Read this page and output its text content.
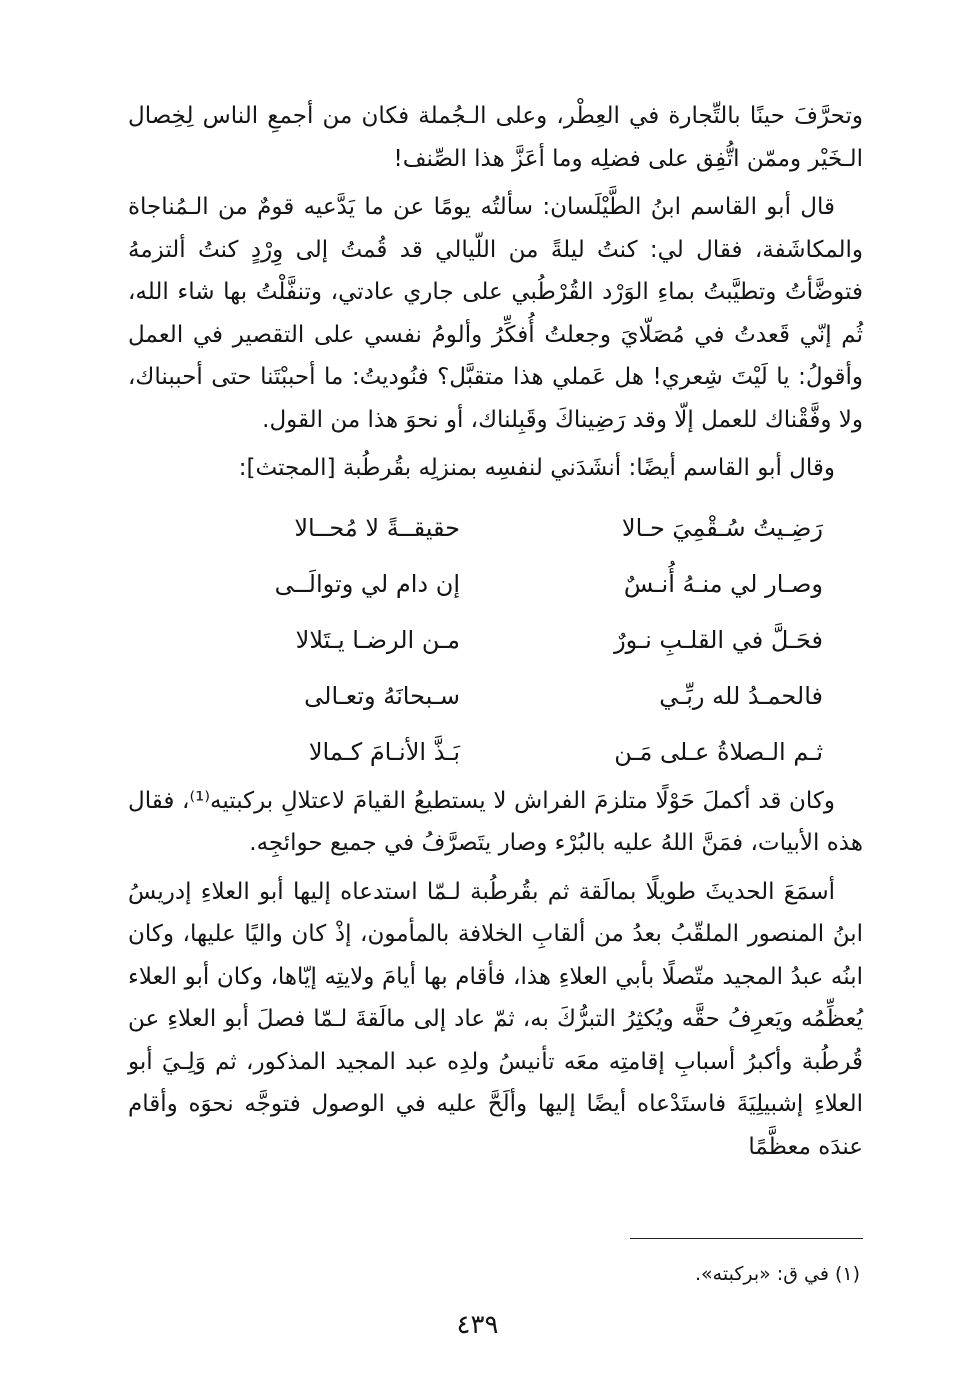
وتحرَّفَ حينًا بالتِّجارة في العِطْر، وعلى الـجُملة فكان من أجمعِ الناس لِخِصال الـخَيْر وممّن اتُّفِق على فضلِه وما أعَزَّ هذا الصِّنف!

قال أبو القاسم ابنُ الطَّيْلَسان: سألتُه يومًا عن ما يَدَّعيه قومٌ من الـمُناجاة والمكاشَفة، فقال لي: كنتُ ليلةً من اللّيالي قد قُمتُ إلى وِرْدٍ كنتُ ألتزمهُ فتوضَّأتُ وتطيَّبتُ بماءِ الوَرْد القُرْطُبي على جاري عادتي، وتنفَّلْتُ بها شاء الله، ثُم إنّي قَعدتُ في مُصَلّايَ وجعلتُ أُفكِّرُ وألومُ نفسي على التقصير في العمل وأقولُ: يا لَيْتَ شِعري! هل عَملي هذا متقبَّل؟ فنُوديتُ: ما أحببْتَنا حتى أحببناك، ولا وفَّقْناك للعمل إلّا وقد رَضِيناكَ وقَبِلناك، أو نحوَ هذا من القول.

وقال أبو القاسم أيضًا: أنشَدَني لنفسِه بمنزلِه بقُرطُبة [المجتث]:

رَضِـيتُ سُـقْمِيَ حـالا
حقيقــةً لا مُحــالا
وصـار لي منـهُ أُنـسٌ
إن دام لي وتوالَــى
فحَـلَّ في القلـبِ نـورٌ
مـن الرضـا يـتَلالا
فالحمـدُ لله ربِّـي
سـبحانَهُ وتعـالى
ثـم الـصلاةُ عـلى مَـن
بَـذَّ الأنـامَ كـمالا

وكان قد أكملَ حَوْلًا متلزمَ الفراش لا يستطيعُ القيامَ لاعتلالِ بركبتيه⁽¹⁾، فقال هذه الأبيات، فمَنَّ اللهُ عليه بالبُرْء وصار يتَصرَّفُ في جميع حوائجِه.

أسمَعَ الحديثَ طويلًا بمالَقة ثم بقُرطُبة لـمّا استدعاه إليها أبو العلاءِ إدريسُ ابنُ المنصور الملقّبُ بعدُ من ألقابِ الخلافة بالمأمون، إذْ كان واليًا عليها، وكان ابنُه عبدُ المجيد متّصلًا بأبي العلاءِ هذا، فأقام بها أيامَ ولايتِه إيّاها، وكان أبو العلاء يُعظِّمُه ويَعرِفُ حقَّه ويُكثِرُ التبرُّكَ به، ثمّ عاد إلى مالَقةَ لـمّا فصلَ أبو العلاءِ عن قُرطُبة وأكبرُ أسبابِ إقامتِه معَه تأنيسُ ولدِه عبد المجيد المذكور، ثم وَلِـيَ أبو العلاءِ إشبيلِيَةَ فاستَدْعاه أيضًا إليها وألَحَّ عليه في الوصول فتوجَّه نحوَه وأقام عندَه معظَّمًا

(١) في ق: «بركبته».
٤٣٩
